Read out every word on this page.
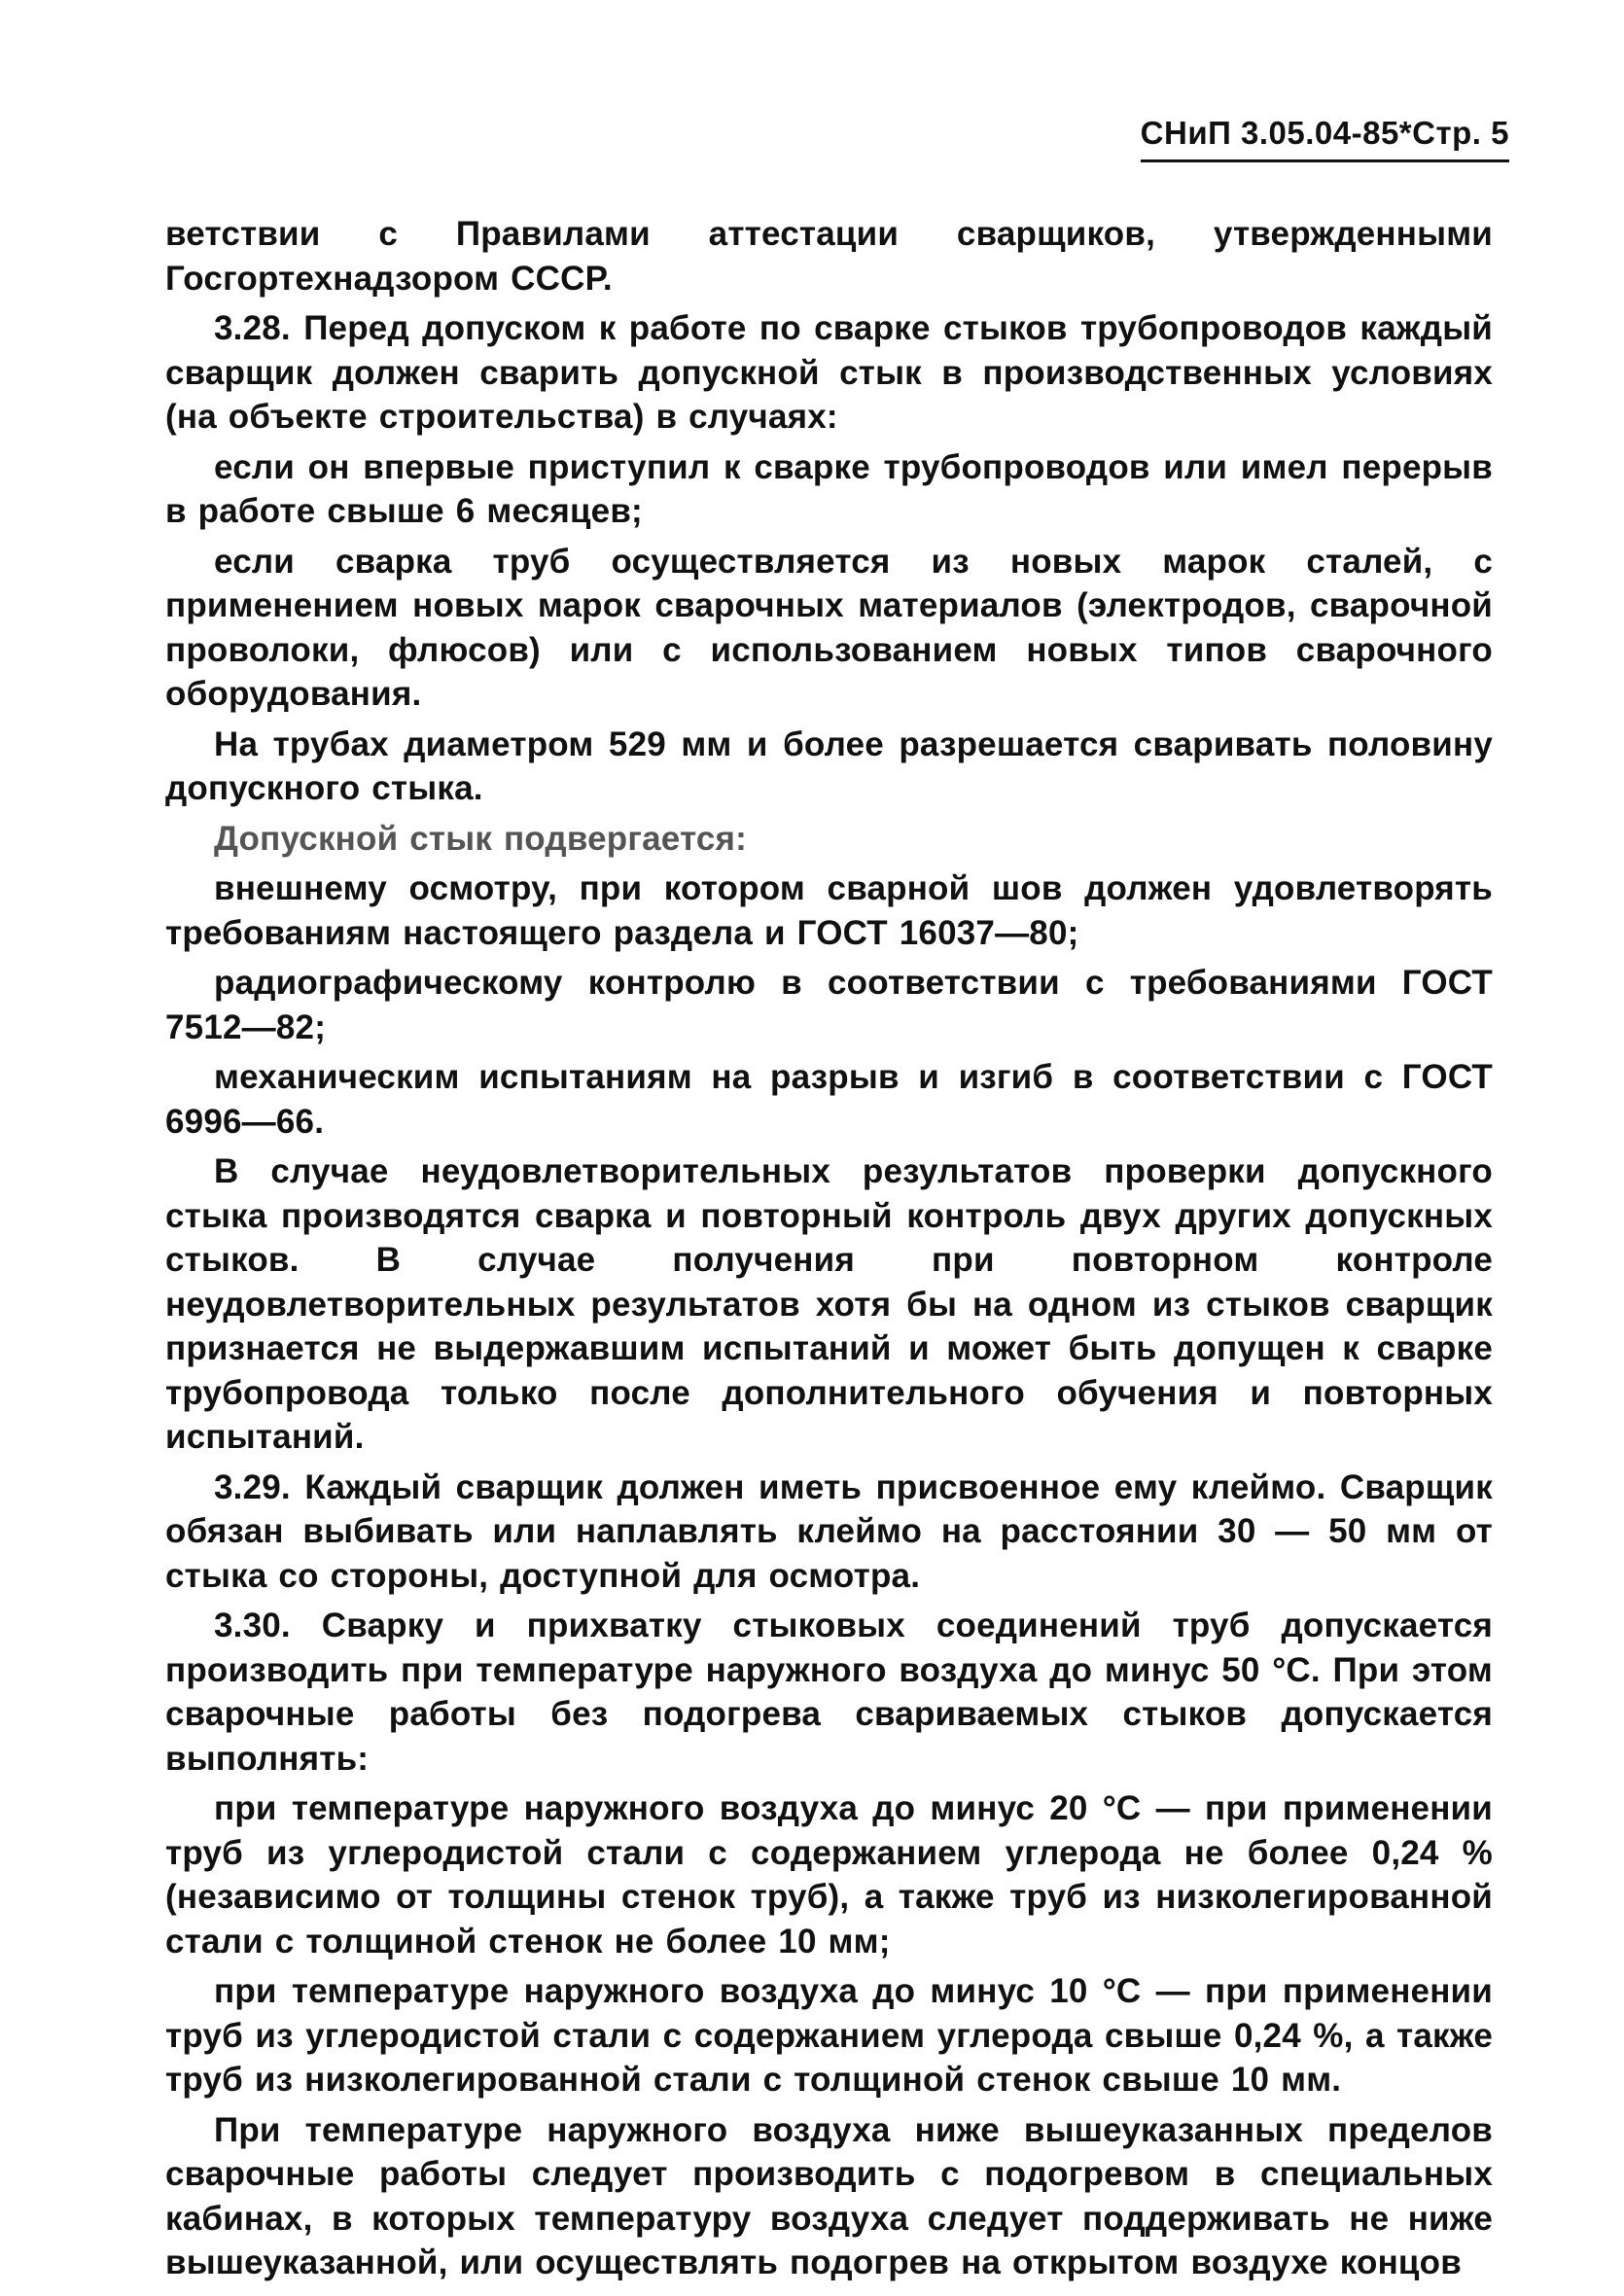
СНиП 3.05.04-85*Стр. 5

ветствии с Правилами аттестации сварщиков, утвержденными Госгортехнадзором СССР.

3.28. Перед допуском к работе по сварке стыков трубопроводов каждый сварщик должен сварить допускной стык в производственных условиях (на объекте строительства) в случаях:

если он впервые приступил к сварке трубопроводов или имел перерыв в работе свыше 6 месяцев;

если сварка труб осуществляется из новых марок сталей, с применением новых марок сварочных материалов (электродов, сварочной проволоки, флюсов) или с использованием новых типов сварочного оборудования.

На трубах диаметром 529 мм и более разрешается сваривать половину допускного стыка.

Допускной стык подвергается:

внешнему осмотру, при котором сварной шов должен удовлетворять требованиям настоящего раздела и ГОСТ 16037—80;

радиографическому контролю в соответствии с требованиями ГОСТ 7512—82;

механическим испытаниям на разрыв и изгиб в соответствии с ГОСТ 6996—66.

В случае неудовлетворительных результатов проверки допускного стыка производятся сварка и повторный контроль двух других допускных стыков. В случае получения при повторном контроле неудовлетворительных результатов хотя бы на одном из стыков сварщик признается не выдержавшим испытаний и может быть допущен к сварке трубопровода только после дополнительного обучения и повторных испытаний.

3.29. Каждый сварщик должен иметь присвоенное ему клеймо. Сварщик обязан выбивать или наплавлять клеймо на расстоянии 30 — 50 мм от стыка со стороны, доступной для осмотра.

3.30. Сварку и прихватку стыковых соединений труб допускается производить при температуре наружного воздуха до минус 50 °С. При этом сварочные работы без подогрева свариваемых стыков допускается выполнять:

при температуре наружного воздуха до минус 20 °С — при применении труб из углеродистой стали с содержанием углерода не более 0,24 % (независимо от толщины стенок труб), а также труб из низколегированной стали с толщиной стенок не более 10 мм;

при температуре наружного воздуха до минус 10 °С — при применении труб из углеродистой стали с содержанием углерода свыше 0,24 %, а также труб из низколегированной стали с толщиной стенок свыше 10 мм.

При температуре наружного воздуха ниже вышеуказанных пределов сварочные работы следует производить с подогревом в специальных кабинах, в которых температуру воздуха следует поддерживать не ниже вышеуказанной, или осуществлять подогрев на открытом воздухе концов
